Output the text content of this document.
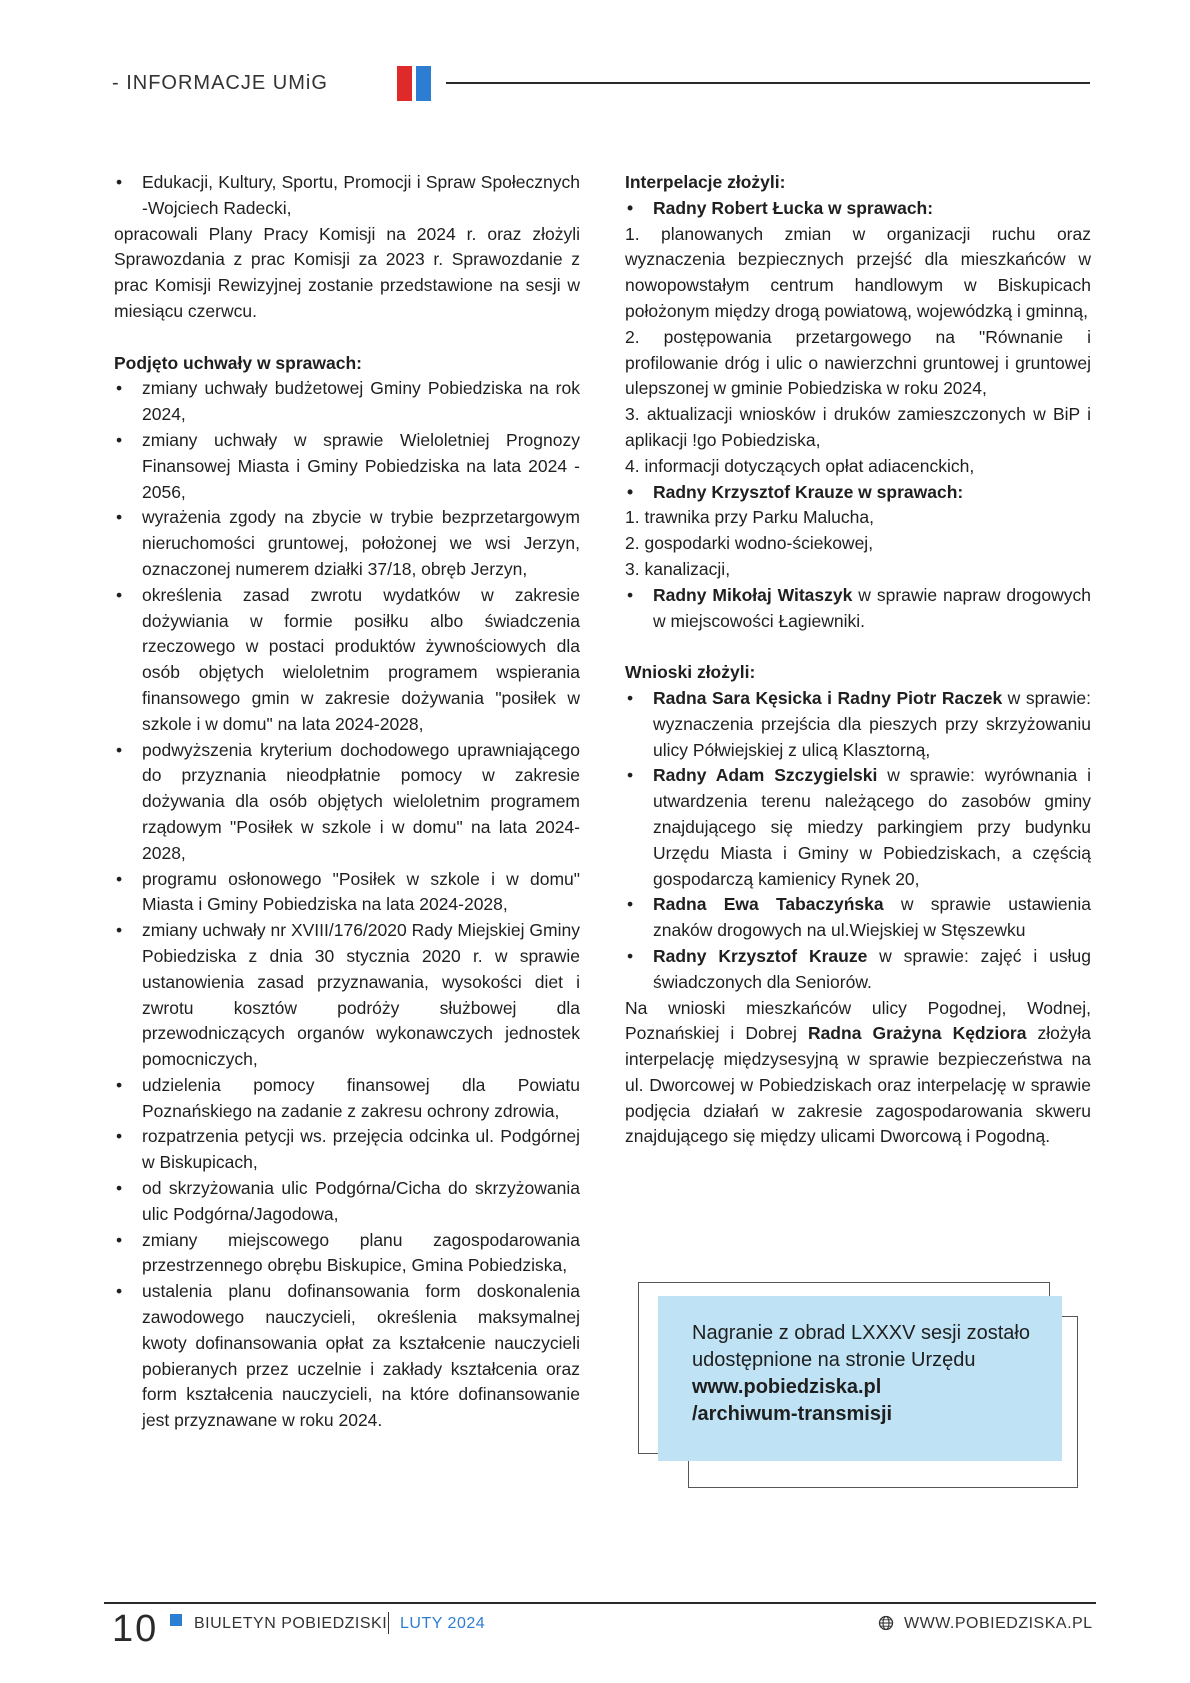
- INFORMACJE UMiG
• Edukacji, Kultury, Sportu, Promocji i Spraw Społecznych -Wojciech Radecki,

opracowali Plany Pracy Komisji na 2024 r. oraz złożyli Sprawozdania z prac Komisji za 2023 r. Sprawozdanie z prac Komisji Rewizyjnej zostanie przedstawione na sesji w miesiącu czerwcu.

Podjęto uchwały w sprawach:

• zmiany uchwały budżetowej Gminy Pobiedziska na rok 2024,
• zmiany uchwały w sprawie Wieloletniej Prognozy Finansowej Miasta i Gminy Pobiedziska na lata 2024 - 2056,
• wyrażenia zgody na zbycie w trybie bezprzetargowym nieruchomości gruntowej, położonej we wsi Jerzyn, oznaczonej numerem działki 37/18, obręb Jerzyn,
• określenia zasad zwrotu wydatków w zakresie dożywiania w formie posiłku albo świadczenia rzeczowego w postaci produktów żywnościowych dla osób objętych wieloletnim programem wspierania finansowego gmin w zakresie dożywania "posiłek w szkole i w domu" na lata 2024-2028,
• podwyższenia kryterium dochodowego uprawniającego do przyznania nieodpłatnie pomocy w zakresie dożywania dla osób objętych wieloletnim programem rządowym "Posiłek w szkole i w domu" na lata 2024-2028,
• programu osłonowego "Posiłek w szkole i w domu" Miasta i Gminy Pobiedziska na lata 2024-2028,
• zmiany uchwały nr XVIII/176/2020 Rady Miejskiej Gminy Pobiedziska z dnia 30 stycznia 2020 r. w sprawie ustanowienia zasad przyznawania, wysokości diet i zwrotu kosztów podróży służbowej dla przewodniczących organów wykonawczych jednostek pomocniczych,
• udzielenia pomocy finansowej dla Powiatu Poznańskiego na zadanie z zakresu ochrony zdrowia,
• rozpatrzenia petycji ws. przejęcia odcinka ul. Podgórnej w Biskupicach,
• od skrzyżowania ulic Podgórna/Cicha do skrzyżowania ulic Podgórna/Jagodowa,
• zmiany miejscowego planu zagospodarowania przestrzennego obrębu Biskupice, Gmina Pobiedziska,
• ustalenia planu dofinansowania form doskonalenia zawodowego nauczycieli, określenia maksymalnej kwoty dofinansowania opłat za kształcenie nauczycieli pobieranych przez uczelnie i zakłady kształcenia oraz form kształcenia nauczycieli, na które dofinansowanie jest przyznawane w roku 2024.

Interpelacje złożyli:

• Radny Robert Łucka w sprawach:

1. planowanych zmian w organizacji ruchu oraz wyznaczenia bezpiecznych przejść dla mieszkańców w nowopowstałym centrum handlowym w Biskupicach położonym między drogą powiatową, wojewódzką i gminną,

2. postępowania przetargowego na "Równanie i profilowanie dróg i ulic o nawierzchni gruntowej i gruntowej ulepszonej w gminie Pobiedziska w roku 2024,

3. aktualizacji wniosków i druków zamieszczonych w BiP i aplikacji !go Pobiedziska,

4. informacji dotyczących opłat adiacenckich,

• Radny Krzysztof Krauze w sprawach:

1. trawnika przy Parku Malucha,

2. gospodarki wodno-ściekowej,

3. kanalizacji,

• Radny Mikołaj Witaszyk w sprawie napraw drogowych w miejscowości Łagiewniki.

Wnioski złożyli:

• Radna Sara Kęsicka i Radny Piotr Raczek w sprawie: wyznaczenia przejścia dla pieszych przy skrzyżowaniu ulicy Półwiejskiej z ulicą Klasztorną,
• Radny Adam Szczygielski w sprawie: wyrównania i utwardzenia terenu należącego do zasobów gminy znajdującego się miedzy parkingiem przy budynku Urzędu Miasta i Gminy w Pobiedziskach, a częścią gospodarczą kamienicy Rynek 20,
• Radna Ewa Tabaczyńska w sprawie ustawienia znaków drogowych na ul.Wiejskiej w Stęszewku
• Radny Krzysztof Krauze w sprawie: zajęć i usług świadczonych dla Seniorów.

Na wnioski mieszkańców ulicy Pogodnej, Wodnej, Poznańskiej i Dobrej Radna Grażyna Kędziora złożyła interpelację międzysesyjną w sprawie bezpieczeństwa na ul. Dworcowej w Pobiedziskach oraz interpelację w sprawie podjęcia działań w zakresie zagospodarowania skweru znajdującego się między ulicami Dworcową i Pogodną.

Nagranie z obrad LXXXV sesji zostało udostępnione na stronie Urzędu
www.pobiedziska.pl
/archiwum-transmisji
10 BIULETYN POBIEDZISKI LUTY 2024	WWW.POBIEDZISKA.PL
